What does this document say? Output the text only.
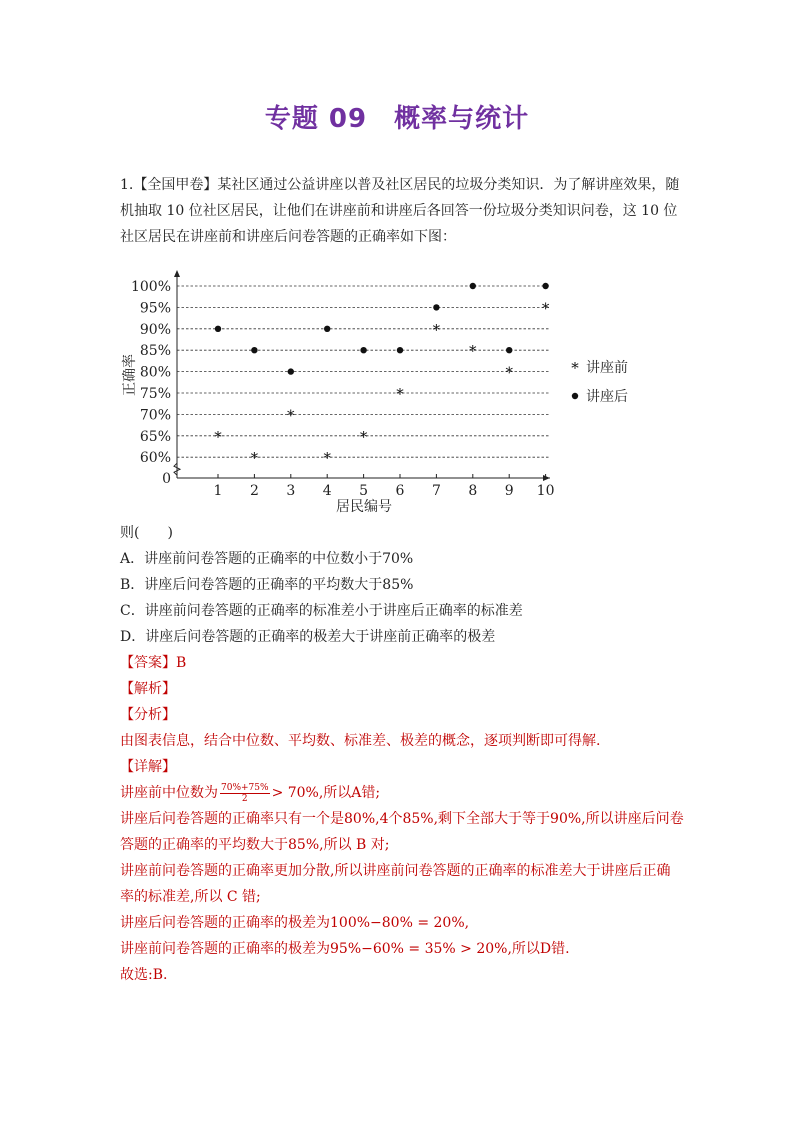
专题 09　概率与统计
1.【全国甲卷】某社区通过公益讲座以普及社区居民的垃圾分类知识．为了解讲座效果，随机抽取 10 位社区居民，让他们在讲座前和讲座后各回答一份垃圾分类知识问卷，这 10 位社区居民在讲座前和讲座后问卷答题的正确率如下图：
0
60%
65%
70%
75%
80%
85%
90%
95%
100%
1 2 3 4 5 6 7 8 9 10
居民编号
正确率
*
*
*
*
*
*
*
*
*
*
* 讲座前
讲座后
则(　　)
A．讲座前问卷答题的正确率的中位数小于70%
B．讲座后问卷答题的正确率的平均数大于85%
C．讲座前问卷答题的正确率的标准差小于讲座后正确率的标准差
D．讲座后问卷答题的正确率的极差大于讲座前正确率的极差
【答案】B
【解析】
【分析】
由图表信息，结合中位数、平均数、标准差、极差的概念，逐项判断即可得解.
【详解】
讲座前中位数为 $\frac{70\%+75\%}{2} > 70\%$,所以A错;
讲座后问卷答题的正确率只有一个是80%,4个85%,剩下全部大于等于90%,所以讲座后问卷
答题的正确率的平均数大于85%,所以 B 对;
讲座前问卷答题的正确率更加分散,所以讲座前问卷答题的正确率的标准差大于讲座后正确
率的标准差,所以 C 错;
讲座后问卷答题的正确率的极差为100%−80% = 20%,
讲座前问卷答题的正确率的极差为95%−60% = 35% > 20%,所以D错.
故选:B.
